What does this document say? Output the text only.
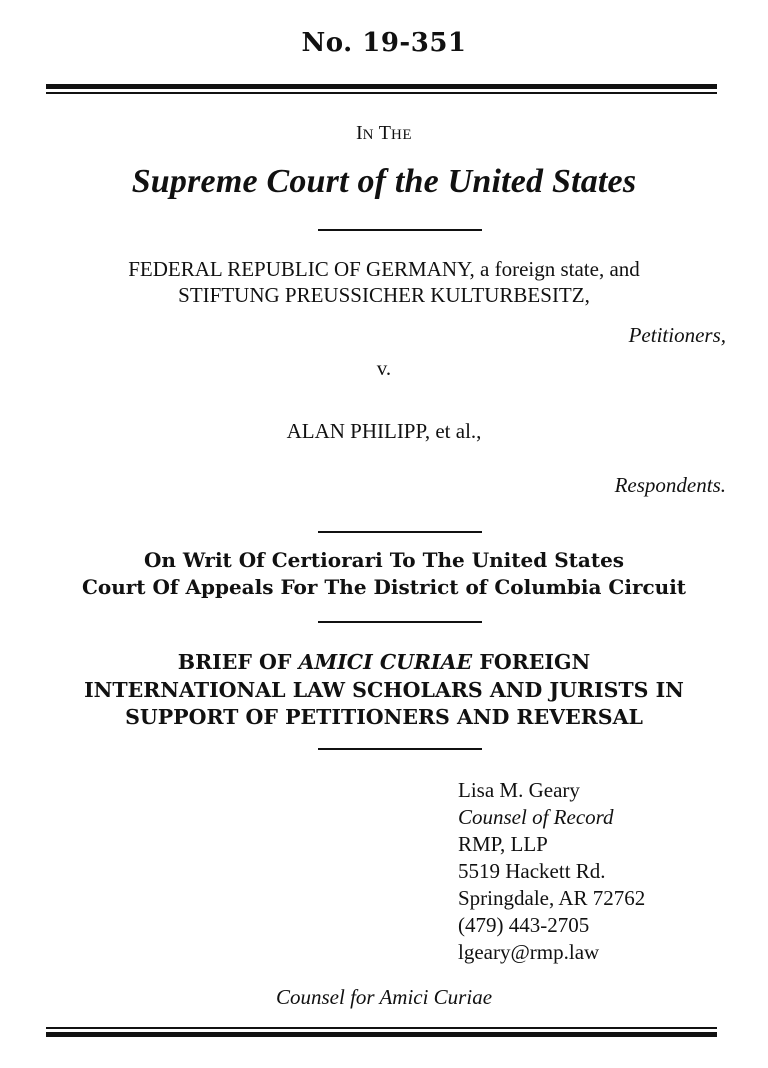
No. 19-351
IN THE
Supreme Court of the United States
FEDERAL REPUBLIC OF GERMANY, a foreign state, and
STIFTUNG PREUSSICHER KULTURBESITZ,
Petitioners,
v.
ALAN PHILIPP, et al.,
Respondents.
On Writ Of Certiorari To The United States
Court Of Appeals For The District of Columbia Circuit
BRIEF OF AMICI CURIAE FOREIGN
INTERNATIONAL LAW SCHOLARS AND JURISTS IN
SUPPORT OF PETITIONERS AND REVERSAL
Lisa M. Geary
Counsel of Record
RMP, LLP
5519 Hackett Rd.
Springdale, AR 72762
(479) 443-2705
lgeary@rmp.law
Counsel for Amici Curiae
